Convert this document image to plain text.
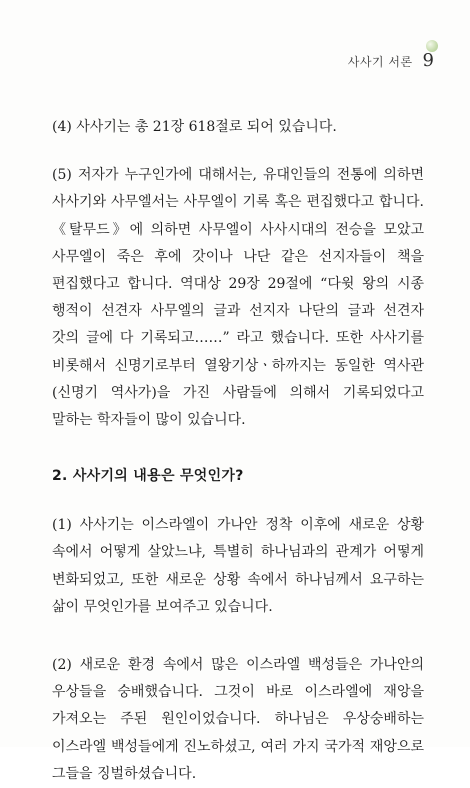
사사기 서론 9

(4) 사사기는 총 21장 618절로 되어 있습니다.

(5) 저자가 누구인가에 대해서는, 유대인들의 전통에 의하면 사사기와 사무엘서는 사무엘이 기록 혹은 편집했다고 합니다. 《탈무드》에 의하면 사무엘이 사사시대의 전승을 모았고 사무엘이 죽은 후에 갓이나 나단 같은 선지자들이 책을 편집했다고 합니다. 역대상 29장 29절에 “다윗 왕의 시종 행적이 선견자 사무엘의 글과 선지자 나단의 글과 선견자 갓의 글에 다 기록되고……” 라고 했습니다. 또한 사사기를 비롯해서 신명기로부터 열왕기상ㆍ하까지는 동일한 역사관(신명기 역사가)을 가진 사람들에 의해서 기록되었다고 말하는 학자들이 많이 있습니다.

2. 사사기의 내용은 무엇인가?

(1) 사사기는 이스라엘이 가나안 정착 이후에 새로운 상황 속에서 어떻게 살았느냐, 특별히 하나님과의 관계가 어떻게 변화되었고, 또한 새로운 상황 속에서 하나님께서 요구하는 삶이 무엇인가를 보여주고 있습니다.

(2) 새로운 환경 속에서 많은 이스라엘 백성들은 가나안의 우상들을 숭배했습니다. 그것이 바로 이스라엘에 재앙을 가져오는 주된 원인이었습니다. 하나님은 우상숭배하는 이스라엘 백성들에게 진노하셨고, 여러 가지 국가적 재앙으로 그들을 징벌하셨습니다.
